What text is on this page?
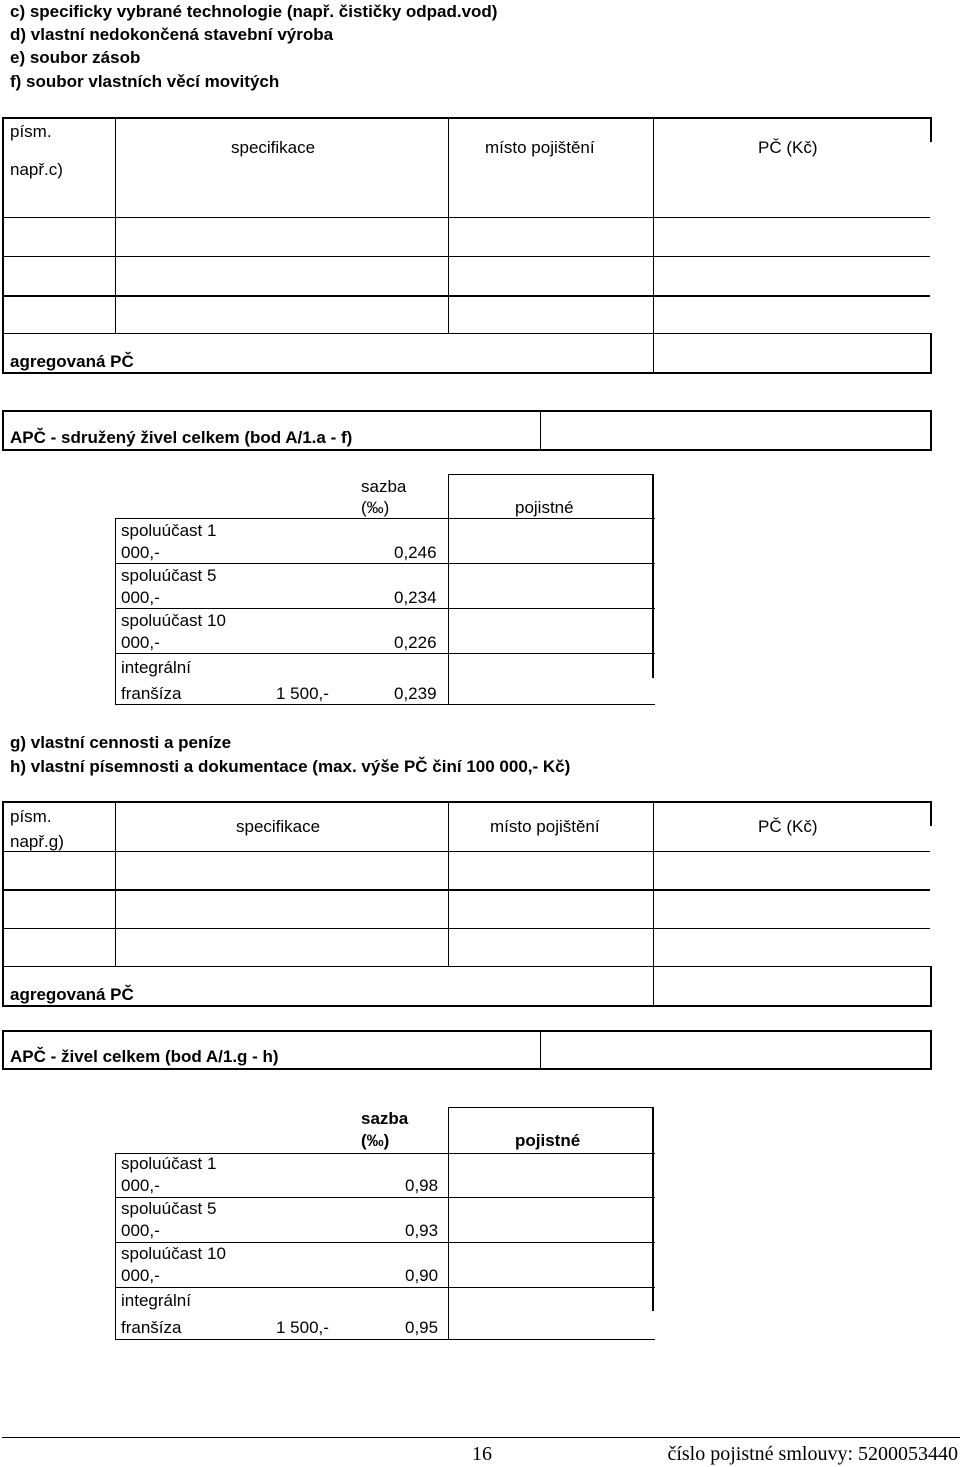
c) specificky vybrané technologie (např. čističky odpad.vod)
d) vlastní nedokončená stavební výroba
e) soubor zásob
f) soubor vlastních věcí movitých
písm.
např.c)
specifikace	místo pojištění	PČ (Kč)
agregovaná PČ
APČ - sdružený živel celkem (bod A/1.a - f)
sazba
(‰)	pojistné
spoluúčast 1
000,-	0,246
spoluúčast 5
000,-	0,234
spoluúčast 10
000,-	0,226
integrální
franšíza	1 500,-	0,239
g) vlastní cennosti a peníze
h) vlastní písemnosti a dokumentace (max. výše PČ činí 100 000,- Kč)
písm.
např.g)
specifikace	místo pojištění	PČ (Kč)
agregovaná PČ
APČ - živel celkem (bod A/1.g - h)
sazba
(‰)	pojistné
spoluúčast 1
000,-	0,98
spoluúčast 5
000,-	0,93
spoluúčast 10
000,-	0,90
integrální
franšíza	1 500,-	0,95
16	číslo pojistné smlouvy: 5200053440
